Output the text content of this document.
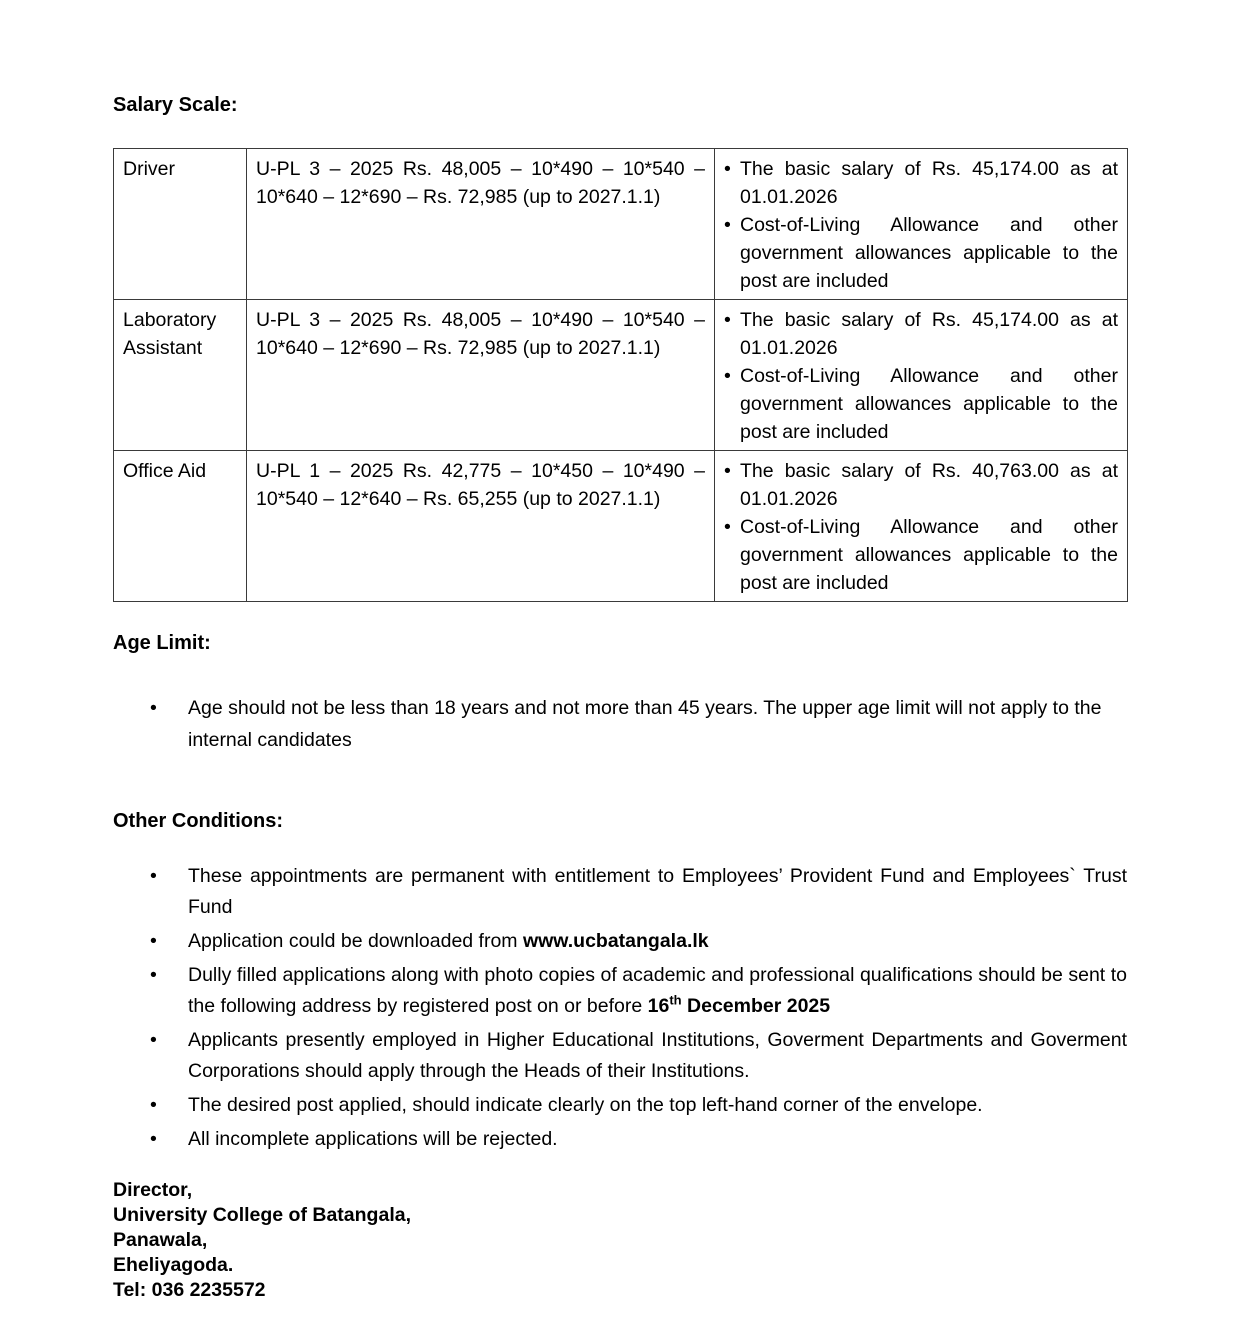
Salary Scale:
Driver	U-PL 3 – 2025 Rs. 48,005 – 10*490 – 10*540 – 10*640 – 12*690 – Rs. 72,985 (up to 2027.1.1)	• The basic salary of Rs. 45,174.00 as at 01.01.2026
• Cost-of-Living Allowance and other government allowances applicable to the post are included

Laboratory Assistant	U-PL 3 – 2025 Rs. 48,005 – 10*490 – 10*540 – 10*640 – 12*690 – Rs. 72,985 (up to 2027.1.1)	• The basic salary of Rs. 45,174.00 as at 01.01.2026
• Cost-of-Living Allowance and other government allowances applicable to the post are included

Office Aid	U-PL 1 – 2025 Rs. 42,775 – 10*450 – 10*490 – 10*540 – 12*640 – Rs. 65,255 (up to 2027.1.1)	• The basic salary of Rs. 40,763.00 as at 01.01.2026
• Cost-of-Living Allowance and other government allowances applicable to the post are included
Age Limit:
• Age should not be less than 18 years and not more than 45 years. The upper age limit will not apply to the internal candidates
Other Conditions:
• These appointments are permanent with entitlement to Employees’ Provident Fund and Employees` Trust Fund
• Application could be downloaded from www.ucbatangala.lk
• Dully filled applications along with photo copies of academic and professional qualifications should be sent to the following address by registered post on or before 16th December 2025
• Applicants presently employed in Higher Educational Institutions, Goverment Departments and Goverment Corporations should apply through the Heads of their Institutions.
• The desired post applied, should indicate clearly on the top left-hand corner of the envelope.
• All incomplete applications will be rejected.
Director,
University College of Batangala,
Panawala,
Eheliyagoda.
Tel: 036 2235572
